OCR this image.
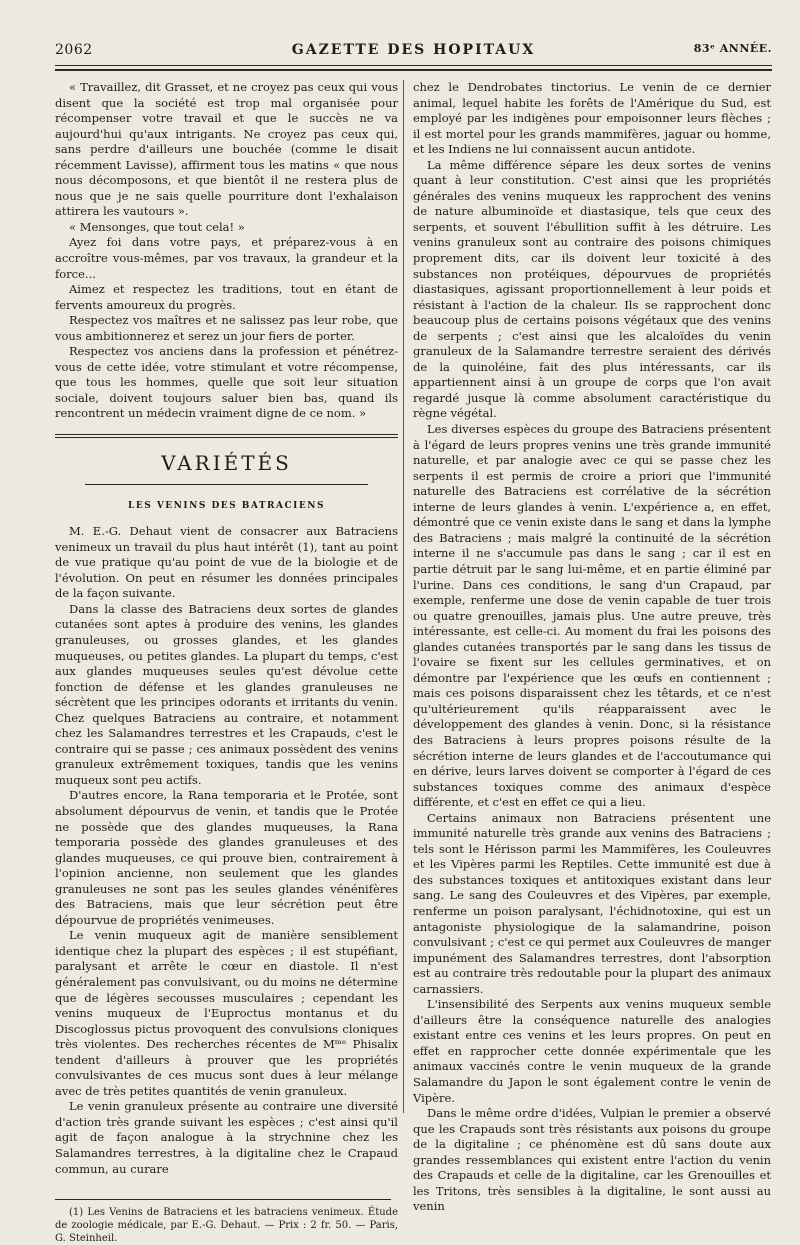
2062	GAZETTE DES HOPITAUX	83ᵉ ANNÉE.

« Travaillez, dit Grasset, et ne croyez pas ceux qui vous disent que la société est trop mal organisée pour récompenser votre travail et que le succès ne va aujourd'hui qu'aux intrigants. Ne croyez pas ceux qui, sans perdre d'ailleurs une bouchée (comme le disait récemment Lavisse), affirment tous les matins « que nous nous décomposons, et que bientôt il ne restera plus de nous que je ne sais quelle pourriture dont l'exhalaison attirera les vautours ».

« Mensonges, que tout cela! »

Ayez foi dans votre pays, et préparez-vous à en accroître vous-mêmes, par vos travaux, la grandeur et la force...

Aimez et respectez les traditions, tout en étant de fervents amoureux du progrès.

Respectez vos maîtres et ne salissez pas leur robe, que vous ambitionnerez et serez un jour fiers de porter.

Respectez vos anciens dans la profession et pénétrez-vous de cette idée, votre stimulant et votre récompense, que tous les hommes, quelle que soit leur situation sociale, doivent toujours saluer bien bas, quand ils rencontrent un médecin vraiment digne de ce nom. »

VARIÉTÉS
LES VENINS DES BATRACIENS

M. E.-G. Dehaut vient de consacrer aux Batraciens venimeux un travail du plus haut intérêt (1), tant au point de vue pratique qu'au point de vue de la biologie et de l'évolution. On peut en résumer les données principales de la façon suivante.

Dans la classe des Batraciens deux sortes de glandes cutanées sont aptes à produire des venins, les glandes granuleuses, ou grosses glandes, et les glandes muqueuses, ou petites glandes. La plupart du temps, c'est aux glandes muqueuses seules qu'est dévolue cette fonction de défense et les glandes granuleuses ne sécrètent que les principes odorants et irritants du venin. Chez quelques Batraciens au contraire, et notamment chez les Salamandres terrestres et les Crapauds, c'est le contraire qui se passe ; ces animaux possèdent des venins granuleux extrêmement toxiques, tandis que les venins muqueux sont peu actifs.

D'autres encore, la Rana temporaria et le Protée, sont absolument dépourvus de venin, et tandis que le Protée ne possède que des glandes muqueuses, la Rana temporaria possède des glandes granuleuses et des glandes muqueuses, ce qui prouve bien, contrairement à l'opinion ancienne, non seulement que les glandes granuleuses ne sont pas les seules glandes vénénifères des Batraciens, mais que leur sécrétion peut être dépourvue de propriétés venimeuses.

Le venin muqueux agit de manière sensiblement identique chez la plupart des espèces ; il est stupéfiant, paralysant et arrête le cœur en diastole. Il n'est généralement pas convulsivant, ou du moins ne détermine que de légères secousses musculaires ; cependant les venins muqueux de l'Euproctus montanus et du Discoglossus pictus provoquent des convulsions cloniques très violentes. Des recherches récentes de Mᵐᵉ Phisalix tendent d'ailleurs à prouver que les propriétés convulsivantes de ces mucus sont dues à leur mélange avec de très petites quantités de venin granuleux.

Le venin granuleux présente au contraire une diversité d'action très grande suivant les espèces ; c'est ainsi qu'il agit de façon analogue à la strychnine chez les Salamandres terrestres, à la digitaline chez le Crapaud commun, au curare

(1) Les Venins de Batraciens et les batraciens venimeux. Étude de zoologie médicale, par E.-G. Dehaut. — Prix : 2 fr. 50. — Paris, G. Steinheil.

chez le Dendrobates tinctorius. Le venin de ce dernier animal, lequel habite les forêts de l'Amérique du Sud, est employé par les indigènes pour empoisonner leurs flèches ; il est mortel pour les grands mammifères, jaguar ou homme, et les Indiens ne lui connaissent aucun antidote.

La même différence sépare les deux sortes de venins quant à leur constitution. C'est ainsi que les propriétés générales des venins muqueux les rapprochent des venins de nature albuminoïde et diastasique, tels que ceux des serpents, et souvent l'ébullition suffit à les détruire. Les venins granuleux sont au contraire des poisons chimiques proprement dits, car ils doivent leur toxicité à des substances non protéiques, dépourvues de propriétés diastasiques, agissant proportionnellement à leur poids et résistant à l'action de la chaleur. Ils se rapprochent donc beaucoup plus de certains poisons végétaux que des venins de serpents ; c'est ainsi que les alcaloïdes du venin granuleux de la Salamandre terrestre seraient des dérivés de la quinoléine, fait des plus intéressants, car ils appartiennent ainsi à un groupe de corps que l'on avait regardé jusque là comme absolument caractéristique du règne végétal.

Les diverses espèces du groupe des Batraciens présentent à l'égard de leurs propres venins une très grande immunité naturelle, et par analogie avec ce qui se passe chez les serpents il est permis de croire a priori que l'immunité naturelle des Batraciens est corrélative de la sécrétion interne de leurs glandes à venin. L'expérience a, en effet, démontré que ce venin existe dans le sang et dans la lymphe des Batraciens ; mais malgré la continuité de la sécrétion interne il ne s'accumule pas dans le sang ; car il est en partie détruit par le sang lui-même, et en partie éliminé par l'urine. Dans ces conditions, le sang d'un Crapaud, par exemple, renferme une dose de venin capable de tuer trois ou quatre grenouilles, jamais plus. Une autre preuve, très intéressante, est celle-ci. Au moment du frai les poisons des glandes cutanées transportés par le sang dans les tissus de l'ovaire se fixent sur les cellules germinatives, et on démontre par l'expérience que les œufs en contiennent ; mais ces poisons disparaissent chez les têtards, et ce n'est qu'ultérieurement qu'ils réapparaissent avec le développement des glandes à venin. Donc, si la résistance des Batraciens à leurs propres poisons résulte de la sécrétion interne de leurs glandes et de l'accoutumance qui en dérive, leurs larves doivent se comporter à l'égard de ces substances toxiques comme des animaux d'espèce différente, et c'est en effet ce qui a lieu.

Certains animaux non Batraciens présentent une immunité naturelle très grande aux venins des Batraciens ; tels sont le Hérisson parmi les Mammifères, les Couleuvres et les Vipères parmi les Reptiles. Cette immunité est due à des substances toxiques et antitoxiques existant dans leur sang. Le sang des Couleuvres et des Vipères, par exemple, renferme un poison paralysant, l'échidnotoxine, qui est un antagoniste physiologique de la salamandrine, poison convulsivant ; c'est ce qui permet aux Couleuvres de manger impunément des Salamandres terrestres, dont l'absorption est au contraire très redoutable pour la plupart des animaux carnassiers.

L'insensibilité des Serpents aux venins muqueux semble d'ailleurs être la conséquence naturelle des analogies existant entre ces venins et les leurs propres. On peut en effet en rapprocher cette donnée expérimentale que les animaux vaccinés contre le venin muqueux de la grande Salamandre du Japon le sont également contre le venin de Vipère.

Dans le même ordre d'idées, Vulpian le premier a observé que les Crapauds sont très résistants aux poisons du groupe de la digitaline ; ce phénomène est dû sans doute aux grandes ressemblances qui existent entre l'action du venin des Crapauds et celle de la digitaline, car les Grenouilles et les Tritons, très sensibles à la digitaline, le sont aussi au venin
